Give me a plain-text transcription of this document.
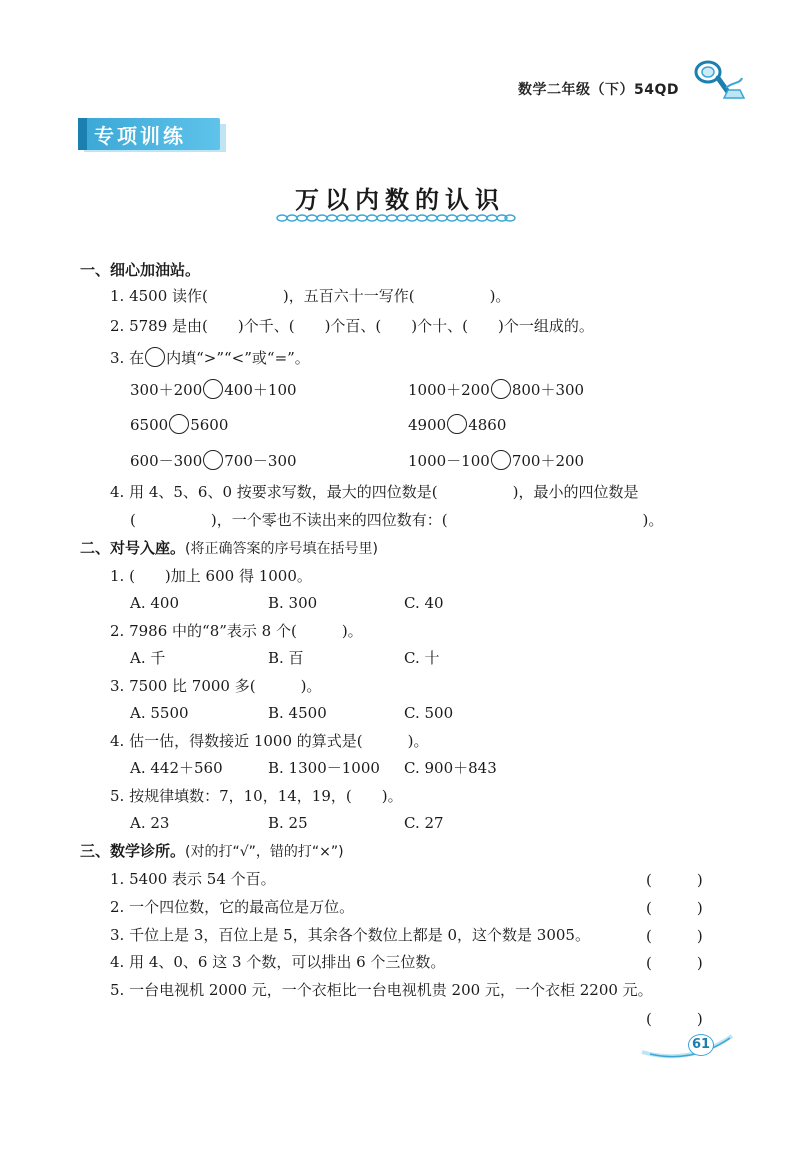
数学二年级（下）54QD
专项训练
万以内数的认识
一、细心加油站。
1. 4500 读作(　　　　　)，五百六十一写作(　　　　　)。
2. 5789 是由(　　)个千、(　　)个百、(　　)个十、(　　)个一组成的。
3. 在 内填“>”“<”或“=”。
300＋200 400＋100	1000＋200 800＋300
6500 5600	4900 4860
600－300 700－300	1000－100 700＋200
4. 用 4、5、6、0 按要求写数，最大的四位数是(　　　　　)，最小的四位数是
(　　　　　)，一个零也不读出来的四位数有：(　　　　　　　　　　　　　)。
二、对号入座。(将正确答案的序号填在括号里)
1. (　　)加上 600 得 1000。
A. 400	B. 300	C. 40
2. 7986 中的“8”表示 8 个(　　　)。
A. 千	B. 百	C. 十
3. 7500 比 7000 多(　　　)。
A. 5500	B. 4500	C. 500
4. 估一估，得数接近 1000 的算式是(　　　)。
A. 442＋560	B. 1300－1000 C. 900＋843
5. 按规律填数：7，10，14，19，(　　)。
A. 23	B. 25	C. 27
三、数学诊所。(对的打“√”，错的打“×”)
1. 5400 表示 54 个百。	(　　　)
2. 一个四位数，它的最高位是万位。	(　　　)
3. 千位上是 3，百位上是 5，其余各个数位上都是 0，这个数是 3005。	(　　　)
4. 用 4、0、6 这 3 个数，可以排出 6 个三位数。	(　　　)
5. 一台电视机 2000 元，一个衣柜比一台电视机贵 200 元，一个衣柜 2200 元。
(　　　)
61
